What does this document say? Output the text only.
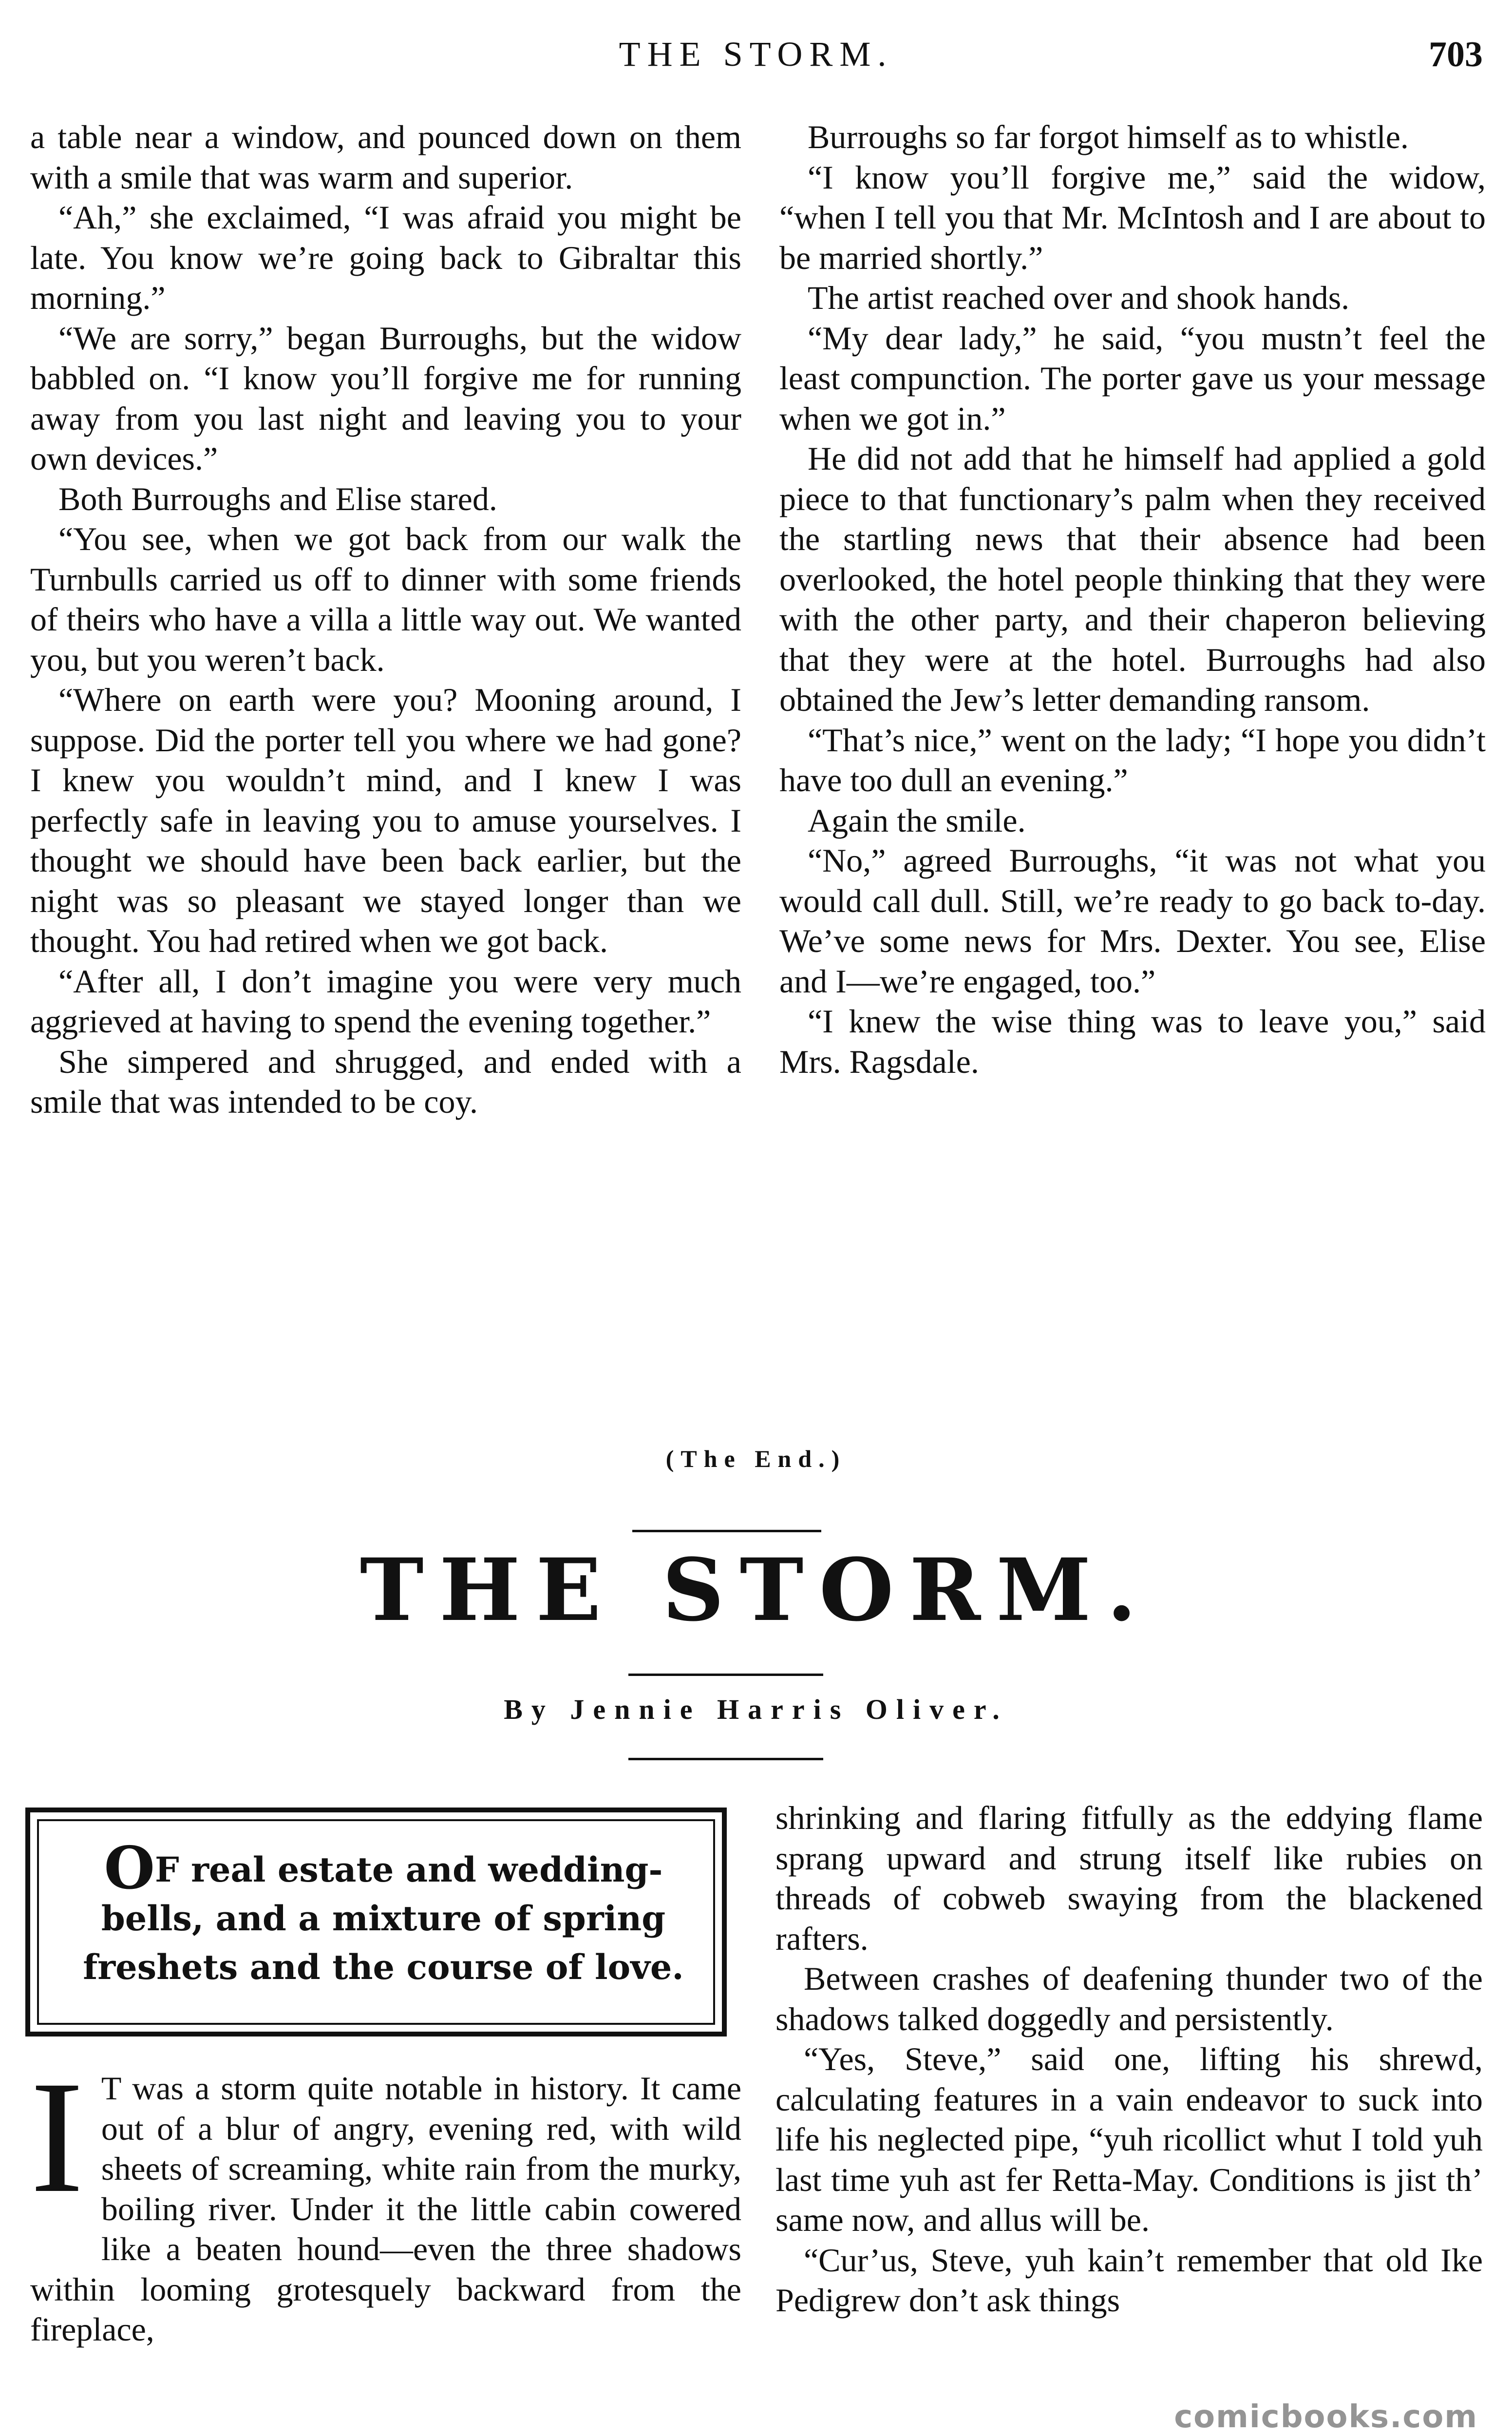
THE STORM.	703

a table near a window, and pounced down on them with a smile that was warm and superior.

“Ah,” she exclaimed, “I was afraid you might be late. You know we’re going back to Gibraltar this morning.”

“We are sorry,” began Burroughs, but the widow babbled on. “I know you’ll forgive me for running away from you last night and leaving you to your own devices.”

Both Burroughs and Elise stared.

“You see, when we got back from our walk the Turnbulls carried us off to dinner with some friends of theirs who have a villa a little way out. We wanted you, but you weren’t back.

“Where on earth were you? Mooning around, I suppose. Did the porter tell you where we had gone? I knew you wouldn’t mind, and I knew I was perfectly safe in leaving you to amuse yourselves. I thought we should have been back earlier, but the night was so pleasant we stayed longer than we thought. You had retired when we got back.

“After all, I don’t imagine you were very much aggrieved at having to spend the evening together.”

She simpered and shrugged, and ended with a smile that was intended to be coy.

Burroughs so far forgot himself as to whistle.

“I know you’ll forgive me,” said the widow, “when I tell you that Mr. McIntosh and I are about to be married shortly.”

The artist reached over and shook hands.

“My dear lady,” he said, “you mustn’t feel the least compunction. The porter gave us your message when we got in.”

He did not add that he himself had applied a gold piece to that functionary’s palm when they received the startling news that their absence had been overlooked, the hotel people thinking that they were with the other party, and their chaperon believing that they were at the hotel. Burroughs had also obtained the Jew’s letter demanding ransom.

“That’s nice,” went on the lady; “I hope you didn’t have too dull an evening.”

Again the smile.

“No,” agreed Burroughs, “it was not what you would call dull. Still, we’re ready to go back to-day. We’ve some news for Mrs. Dexter. You see, Elise and I—we’re engaged, too.”

“I knew the wise thing was to leave you,” said Mrs. Ragsdale.

(The End.)
THE STORM.
By Jennie Harris Oliver.

OF real estate and wedding-bells, and a mixture of spring freshets and the course of love.

I T was a storm quite notable in history. It came out of a blur of angry, evening red, with wild sheets of screaming, white rain from the murky, boiling river. Under it the little cabin cowered like a beaten hound—even the three shadows within looming grotesquely backward from the fireplace,

shrinking and flaring fitfully as the eddying flame sprang upward and strung itself like rubies on threads of cobweb swaying from the blackened rafters.

Between crashes of deafening thunder two of the shadows talked doggedly and persistently.

“Yes, Steve,” said one, lifting his shrewd, calculating features in a vain endeavor to suck into life his neglected pipe, “yuh ricollict whut I told yuh last time yuh ast fer Retta-May. Conditions is jist th’ same now, and allus will be.

“Cur’us, Steve, yuh kain’t remember that old Ike Pedigrew don’t ask things

comicbooks.com
